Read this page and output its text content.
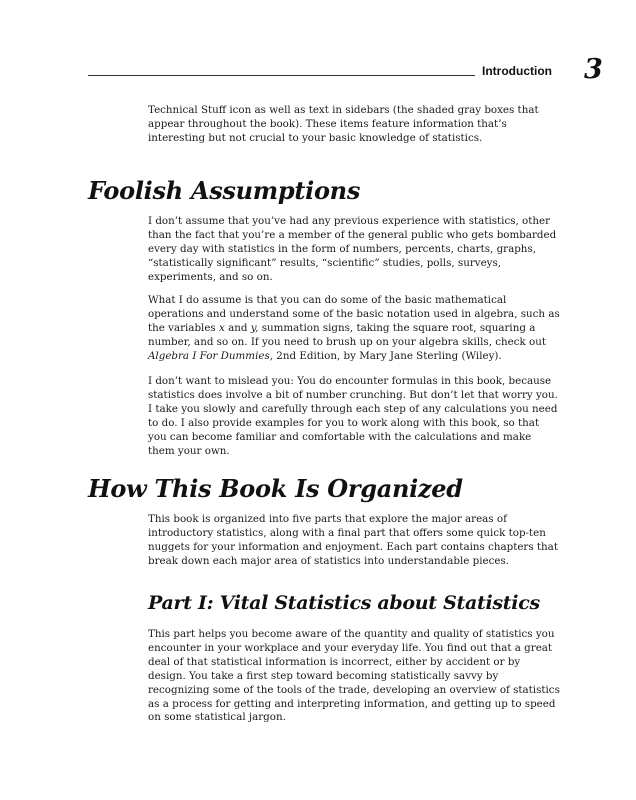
Introduction 3

Technical Stuff icon as well as text in sidebars (the shaded gray boxes that appear throughout the book). These items feature information that’s interesting but not crucial to your basic knowledge of statistics.

Foolish Assumptions

I don’t assume that you’ve had any previous experience with statistics, other than the fact that you’re a member of the general public who gets bombarded every day with statistics in the form of numbers, percents, charts, graphs, “statistically significant” results, “scientific” studies, polls, surveys, experiments, and so on.

What I do assume is that you can do some of the basic mathematical operations and understand some of the basic notation used in algebra, such as the variables x and y, summation signs, taking the square root, squaring a number, and so on. If you need to brush up on your algebra skills, check out Algebra I For Dummies, 2nd Edition, by Mary Jane Sterling (Wiley).

I don’t want to mislead you: You do encounter formulas in this book, because statistics does involve a bit of number crunching. But don’t let that worry you. I take you slowly and carefully through each step of any calculations you need to do. I also provide examples for you to work along with this book, so that you can become familiar and comfortable with the calculations and make them your own.

How This Book Is Organized

This book is organized into five parts that explore the major areas of introductory statistics, along with a final part that offers some quick top-ten nuggets for your information and enjoyment. Each part contains chapters that break down each major area of statistics into understandable pieces.

Part I: Vital Statistics about Statistics

This part helps you become aware of the quantity and quality of statistics you encounter in your workplace and your everyday life. You find out that a great deal of that statistical information is incorrect, either by accident or by design. You take a first step toward becoming statistically savvy by recognizing some of the tools of the trade, developing an overview of statistics as a process for getting and interpreting information, and getting up to speed on some statistical jargon.
